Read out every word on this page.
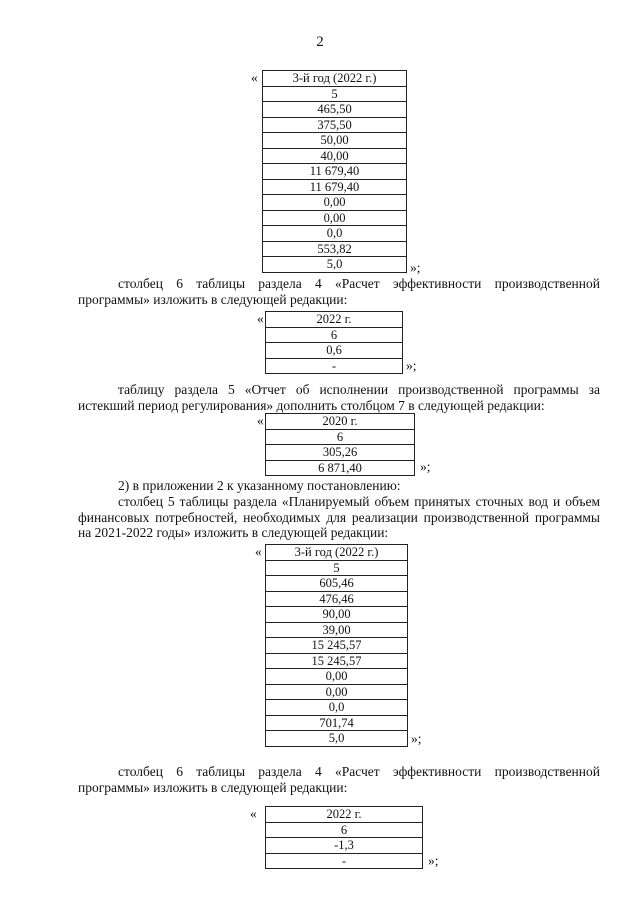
2
«	3-й год (2022 г.)
5
465,50
375,50
50,00
40,00
11 679,40
11 679,40
0,00
0,00
0,0
553,82
5,0	»;
столбец 6 таблицы раздела 4 «Расчет эффективности производственной программы» изложить в следующей редакции:
«	2022 г.
6
0,6
-	»;
таблицу раздела 5 «Отчет об исполнении производственной программы за истекший период регулирования» дополнить столбцом 7 в следующей редакции:
«	2020 г.
6
305,26
6 871,40	»;
2) в приложении 2 к указанному постановлению:
столбец 5 таблицы раздела «Планируемый объем принятых сточных вод и объем финансовых потребностей, необходимых для реализации производственной программы на 2021-2022 годы» изложить в следующей редакции:
«	3-й год (2022 г.)
5
605,46
476,46
90,00
39,00
15 245,57
15 245,57
0,00
0,00
0,0
701,74
5,0	»;
столбец 6 таблицы раздела 4 «Расчет эффективности производственной программы» изложить в следующей редакции:
«	2022 г.
6
-1,3
-	»;
